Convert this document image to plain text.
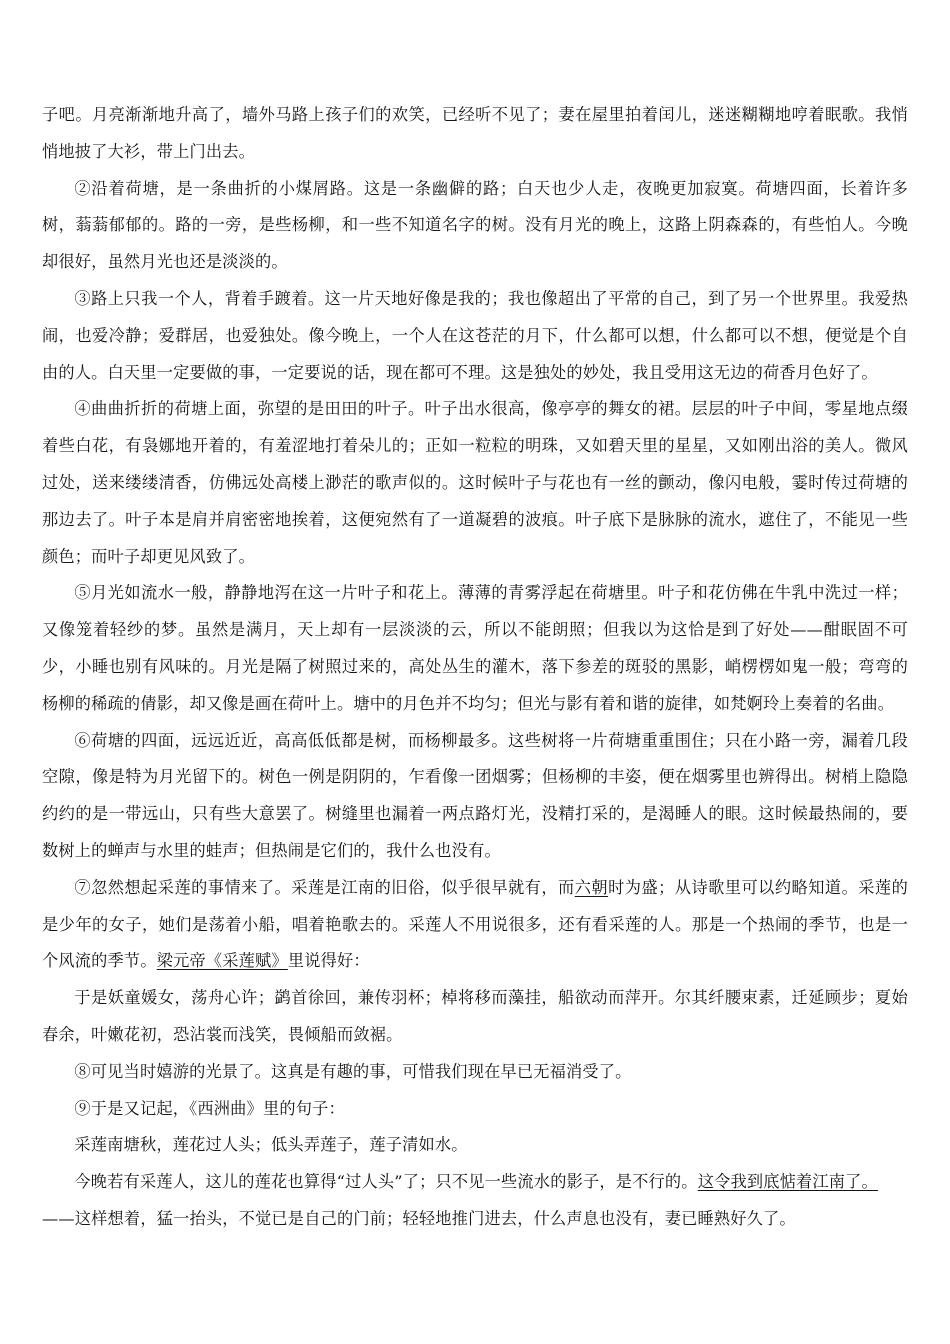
子吧。月亮渐渐地升高了，墙外马路上孩子们的欢笑，已经听不见了；妻在屋里拍着闰儿，迷迷糊糊地哼着眠歌。我悄悄地披了大衫，带上门出去。

②沿着荷塘，是一条曲折的小煤屑路。这是一条幽僻的路；白天也少人走，夜晚更加寂寞。荷塘四面，长着许多树，蓊蓊郁郁的。路的一旁，是些杨柳，和一些不知道名字的树。没有月光的晚上，这路上阴森森的，有些怕人。今晚却很好，虽然月光也还是淡淡的。

③路上只我一个人，背着手踱着。这一片天地好像是我的；我也像超出了平常的自己，到了另一个世界里。我爱热闹，也爱冷静；爱群居，也爱独处。像今晚上，一个人在这苍茫的月下，什么都可以想，什么都可以不想，便觉是个自由的人。白天里一定要做的事，一定要说的话，现在都可不理。这是独处的妙处，我且受用这无边的荷香月色好了。

④曲曲折折的荷塘上面，弥望的是田田的叶子。叶子出水很高，像亭亭的舞女的裙。层层的叶子中间，零星地点缀着些白花，有袅娜地开着的，有羞涩地打着朵儿的；正如一粒粒的明珠，又如碧天里的星星，又如刚出浴的美人。微风过处，送来缕缕清香，仿佛远处高楼上渺茫的歌声似的。这时候叶子与花也有一丝的颤动，像闪电般，霎时传过荷塘的那边去了。叶子本是肩并肩密密地挨着，这便宛然有了一道凝碧的波痕。叶子底下是脉脉的流水，遮住了，不能见一些颜色；而叶子却更见风致了。

⑤月光如流水一般，静静地泻在这一片叶子和花上。薄薄的青雾浮起在荷塘里。叶子和花仿佛在牛乳中洗过一样；又像笼着轻纱的梦。虽然是满月，天上却有一层淡淡的云，所以不能朗照；但我以为这恰是到了好处——酣眠固不可少，小睡也别有风味的。月光是隔了树照过来的，高处丛生的灌木，落下参差的斑驳的黑影，峭楞楞如鬼一般；弯弯的杨柳的稀疏的倩影，却又像是画在荷叶上。塘中的月色并不均匀；但光与影有着和谐的旋律，如梵婀玲上奏着的名曲。

⑥荷塘的四面，远远近近，高高低低都是树，而杨柳最多。这些树将一片荷塘重重围住；只在小路一旁，漏着几段空隙，像是特为月光留下的。树色一例是阴阴的，乍看像一团烟雾；但杨柳的丰姿，便在烟雾里也辨得出。树梢上隐隐约约的是一带远山，只有些大意罢了。树缝里也漏着一两点路灯光，没精打采的，是渴睡人的眼。这时候最热闹的，要数树上的蝉声与水里的蛙声；但热闹是它们的，我什么也没有。

⑦忽然想起采莲的事情来了。采莲是江南的旧俗，似乎很早就有，而六朝时为盛；从诗歌里可以约略知道。采莲的是少年的女子，她们是荡着小船，唱着艳歌去的。采莲人不用说很多，还有看采莲的人。那是一个热闹的季节，也是一个风流的季节。梁元帝《采莲赋》里说得好：

于是妖童媛女，荡舟心许；鹢首徐回，兼传羽杯；棹将移而藻挂，船欲动而萍开。尔其纤腰束素，迁延顾步；夏始春余，叶嫩花初，恐沾裳而浅笑，畏倾船而敛裾。

⑧可见当时嬉游的光景了。这真是有趣的事，可惜我们现在早已无福消受了。

⑨于是又记起，《西洲曲》里的句子：

采莲南塘秋，莲花过人头；低头弄莲子，莲子清如水。

今晚若有采莲人，这儿的莲花也算得“过人头”了；只不见一些流水的影子，是不行的。这令我到底惦着江南了。

——这样想着，猛一抬头，不觉已是自己的门前；轻轻地推门进去，什么声息也没有，妻已睡熟好久了。
